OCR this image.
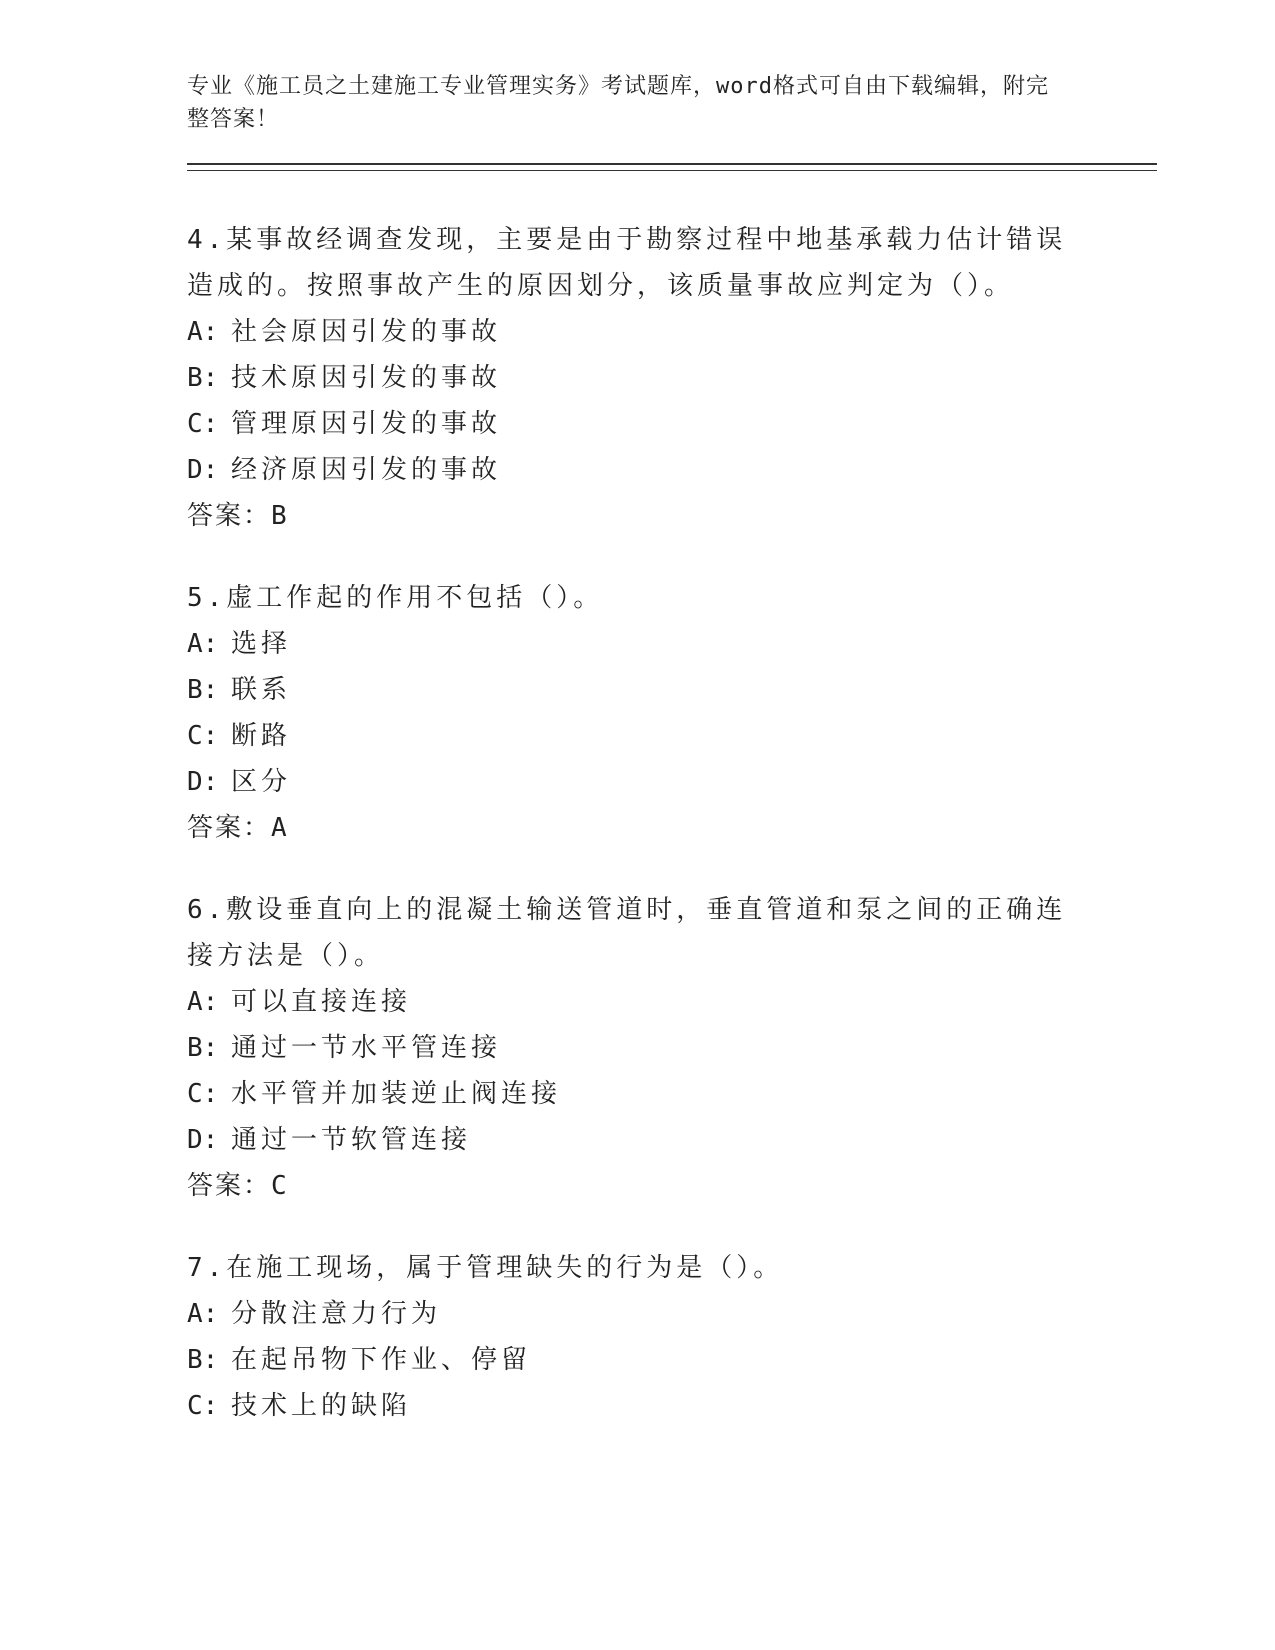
专业《施工员之土建施工专业管理实务》考试题库，word格式可自由下载编辑，附完整答案！

4.某事故经调查发现，主要是由于勘察过程中地基承载力估计错误造成的。按照事故产生的原因划分，该质量事故应判定为（）。

A: 社会原因引发的事故

B: 技术原因引发的事故

C: 管理原因引发的事故

D: 经济原因引发的事故

答案：B

5.虚工作起的作用不包括（）。

A: 选择

B: 联系

C: 断路

D: 区分

答案：A

6.敷设垂直向上的混凝土输送管道时，垂直管道和泵之间的正确连接方法是（）。

A: 可以直接连接

B: 通过一节水平管连接

C: 水平管并加装逆止阀连接

D: 通过一节软管连接

答案：C

7.在施工现场，属于管理缺失的行为是（）。

A: 分散注意力行为

B: 在起吊物下作业、停留

C: 技术上的缺陷
